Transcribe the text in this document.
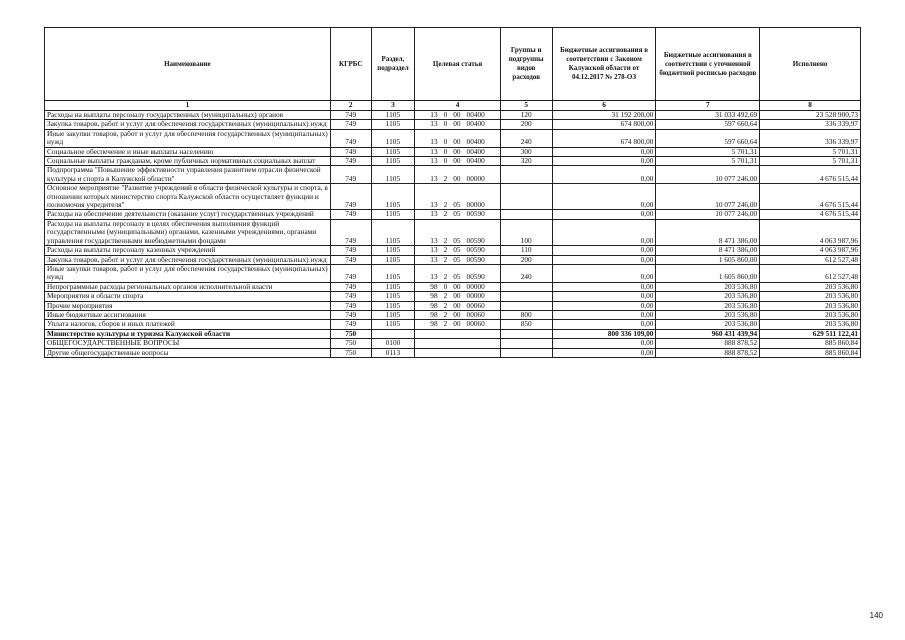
Наименование	КГРБС	Раздел, подраздел	Целевая статья	Группы и подгруппы видов расходов	Бюджетные ассигнования в соответствии с Законом Калужской области от 04.12.2017 № 278-ОЗ	Бюджетные ассигнования в соответствии с уточненной бюджетной росписью расходов	Исполнено
1	2	3	4	5	6	7	8
Расходы на выплаты персоналу государственных (муниципальных) органов	749	1105	13 0 00 00400	120	31 192 200,00	31 033 492,69	23 528 900,73
Закупка товаров, работ и услуг для обеспечения государственных (муниципальных) нужд	749	1105	13 0 00 00400	200	674 800,00	597 660,64	336 339,97
Иные закупки товаров, работ и услуг для обеспечения государственных (муниципальных) нужд	749	1105	13 0 00 00400	240	674 800,00	597 660,64	336 339,97
Социальное обеспечение и иные выплаты населению	749	1105	13 0 00 00400	300	0,00	5 701,31	5 701,31
Социальные выплаты гражданам, кроме публичных нормативных социальных выплат	749	1105	13 0 00 00400	320	0,00	5 701,31	5 701,31
Подпрограмма "Повышение эффективности управления развитием отрасли физической культуры и спорта в Калужской области"	749	1105	13 2 00 00000		0,00	10 077 246,00	4 676 515,44
Основное мероприятие "Развитие учреждений в области физической культуры и спорта, в отношении которых министерство спорта Калужской области осуществляет функции и полномочия учредителя"	749	1105	13 2 05 00000		0,00	10 077 246,00	4 676 515,44
Расходы на обеспечение деятельности (оказание услуг) государственных учреждений	749	1105	13 2 05 00590		0,00	10 077 246,00	4 676 515,44
Расходы на выплаты персоналу в целях обеспечения выполнения функций государственными (муниципальными) органами, казенными учреждениями, органами управления государственными внебюджетными фондами	749	1105	13 2 05 00590	100	0,00	8 471 386,00	4 063 987,96
Расходы на выплаты персоналу казенных учреждений	749	1105	13 2 05 00590	110	0,00	8 471 386,00	4 063 987,96
Закупка товаров, работ и услуг для обеспечения государственных (муниципальных) нужд	749	1105	13 2 05 00590	200	0,00	1 605 860,00	612 527,48
Иные закупки товаров, работ и услуг для обеспечения государственных (муниципальных) нужд	749	1105	13 2 05 00590	240	0,00	1 605 860,00	612 527,48
Непрограммные расходы региональных органов исполнительной власти	749	1105	98 0 00 00000		0,00	203 536,80	203 536,80
Мероприятия в области спорта	749	1105	98 2 00 00000		0,00	203 536,80	203 536,80
Прочие мероприятия	749	1105	98 2 00 00060		0,00	203 536,80	203 536,80
Иные бюджетные ассигнования	749	1105	98 2 00 00060	800	0,00	203 536,80	203 536,80
Уплата налогов, сборов и иных платежей	749	1105	98 2 00 00060	850	0,00	203 536,80	203 536,80
Министерство культуры и туризма Калужской области	750				800 336 109,00	960 431 439,94	629 511 122,41
ОБЩЕГОСУДАРСТВЕННЫЕ ВОПРОСЫ	750	0100			0,00	888 878,52	885 860,84
Другие общегосударственные вопросы	750	0113			0,00	888 878,52	885 860,84
140
